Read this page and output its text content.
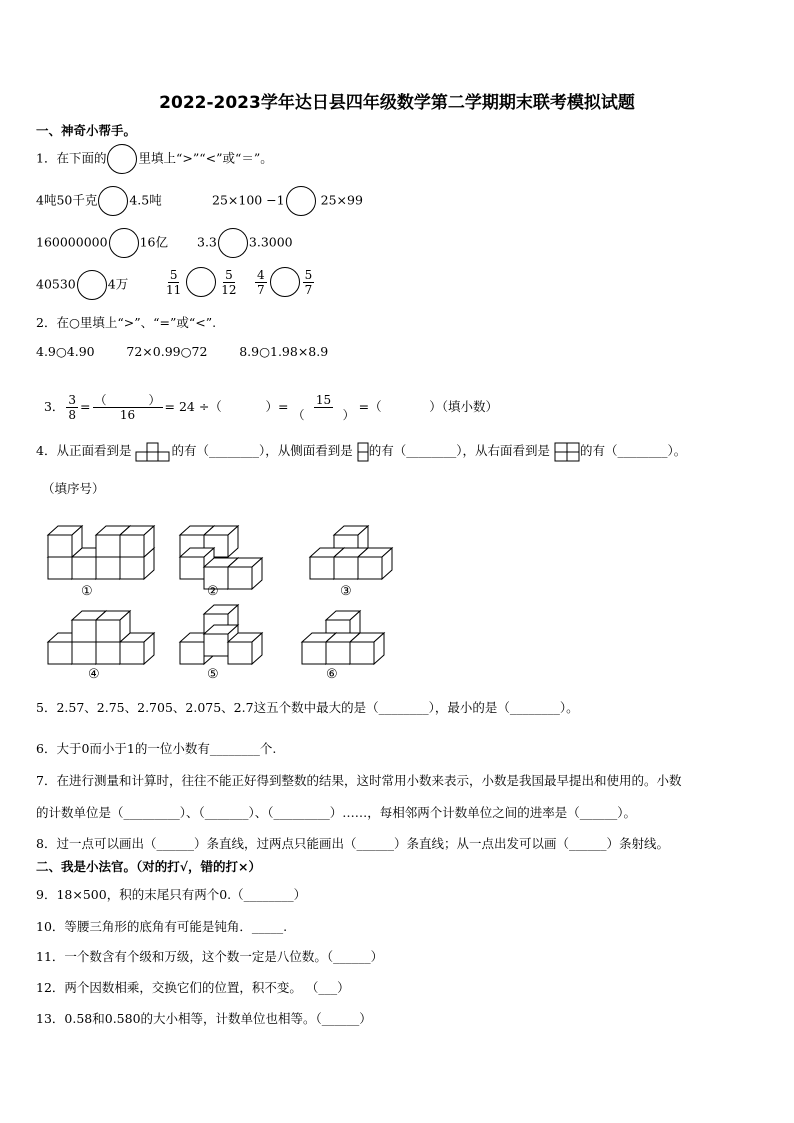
2022-2023学年达日县四年级数学第二学期期末联考模拟试题
一、神奇小帮手。
1．在下面的	里填上“>”“<”或“＝”。
4吨50千克	4.5吨	25×100 −1	25×99
160000000	16亿 3.3	3.3000
40530	4万	$\frac{5}{11}$	$\frac{5}{12} \frac{4}{7}$	$\frac{5}{7}$
2．在○里填上“>”、“=”或“<”.
4.9○4.90        72×0.99○72        8.9○1.98×8.9

3． $\frac{3}{8} = \frac{( )}{16} = 24$ ÷（           ）= $\frac{15}{( )}$ =（            ）（填小数）

4．从正面看到是	的有（________），从侧面看到是 的有（________），从右面看到是 的有（________）。
（填序号）
①	②	③
④	⑤	⑥
5．2.57、2.75、2.705、2.075、2.7这五个数中最大的是（________），最小的是（________）。
6．大于0而小于1的一位小数有________个.
7．在进行测量和计算时，往往不能正好得到整数的结果，这时常用小数来表示，小数是我国最早提出和使用的。小数
的计数单位是（_________）、（_______）、（_________）……，每相邻两个计数单位之间的进率是（______）。
8．过一点可以画出（______）条直线，过两点只能画出（______）条直线；从一点出发可以画（______）条射线。
二、我是小法官。（对的打√，错的打×）
9．18×500，积的末尾只有两个0.（________）
10．等腰三角形的底角有可能是钝角．_____.
11．一个数含有个级和万级，这个数一定是八位数。（______）
12．两个因数相乘，交换它们的位置，积不变。 （___）
13．0.58和0.580的大小相等，计数单位也相等。（______）
